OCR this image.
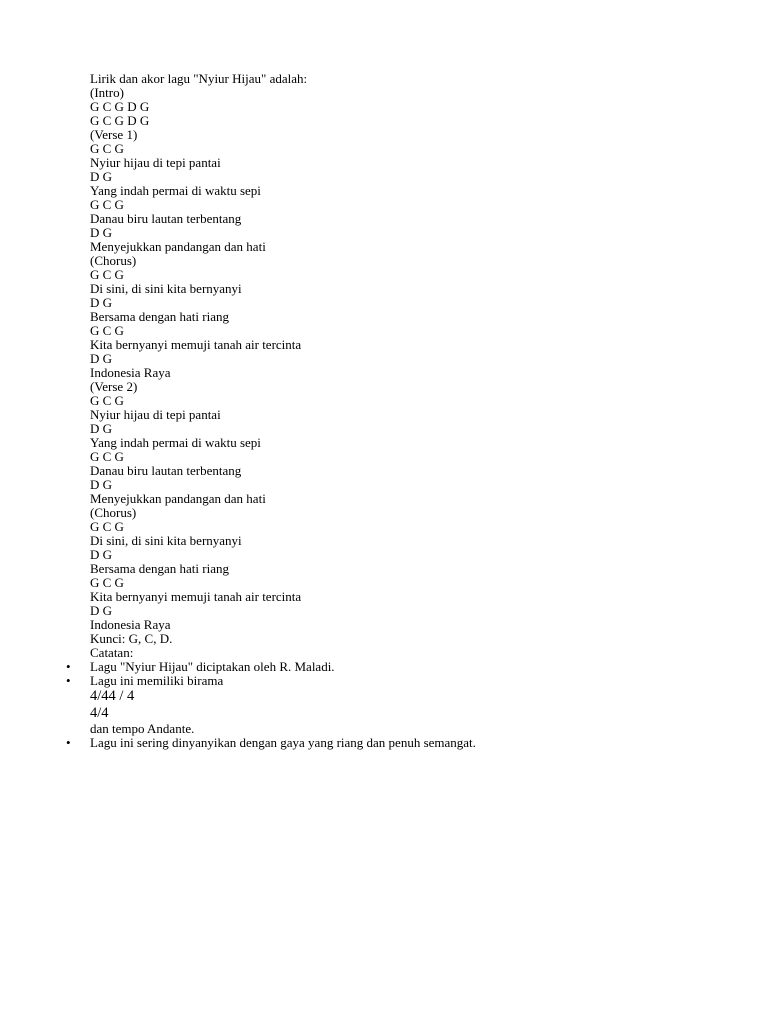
Lirik dan akor lagu "Nyiur Hijau" adalah:
(Intro)
G C G D G
G C G D G
(Verse 1)
G C G
Nyiur hijau di tepi pantai
D G
Yang indah permai di waktu sepi
G C G
Danau biru lautan terbentang
D G
Menyejukkan pandangan dan hati
(Chorus)
G C G
Di sini, di sini kita bernyanyi
D G
Bersama dengan hati riang
G C G
Kita bernyanyi memuji tanah air tercinta
D G
Indonesia Raya
(Verse 2)
G C G
Nyiur hijau di tepi pantai
D G
Yang indah permai di waktu sepi
G C G
Danau biru lautan terbentang
D G
Menyejukkan pandangan dan hati
(Chorus)
G C G
Di sini, di sini kita bernyanyi
D G
Bersama dengan hati riang
G C G
Kita bernyanyi memuji tanah air tercinta
D G
Indonesia Raya
Kunci: G, C, D.
Catatan:
•	Lagu "Nyiur Hijau" diciptakan oleh R. Maladi.
•	Lagu ini memiliki birama
4/44 / 4
4/4
dan tempo Andante.
•	Lagu ini sering dinyanyikan dengan gaya yang riang dan penuh semangat.
